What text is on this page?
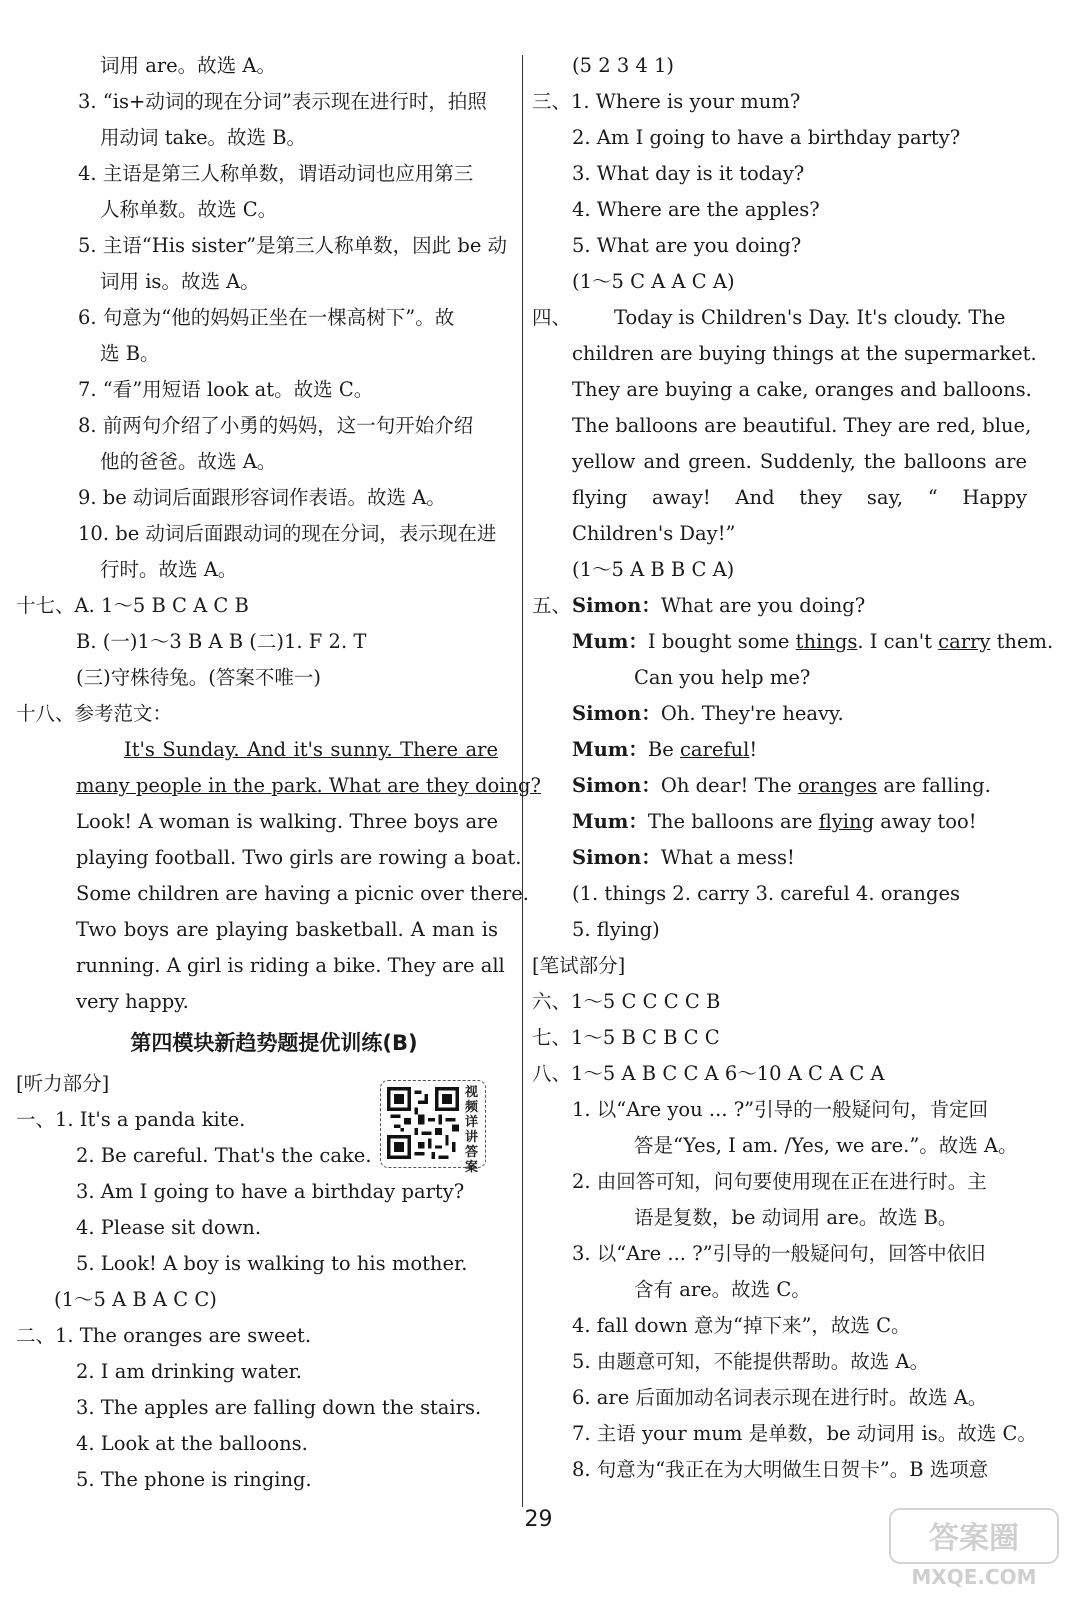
词用 are。故选 A。
3. “is+动词的现在分词”表示现在进行时，拍照
用动词 take。故选 B。
4. 主语是第三人称单数，谓语动词也应用第三
人称单数。故选 C。
5. 主语“His sister”是第三人称单数，因此 be 动
词用 is。故选 A。
6. 句意为“他的妈妈正坐在一棵高树下”。故
选 B。
7. “看”用短语 look at。故选 C。
8. 前两句介绍了小勇的妈妈，这一句开始介绍
他的爸爸。故选 A。
9. be 动词后面跟形容词作表语。故选 A。
10. be 动词后面跟动词的现在分词，表示现在进
行时。故选 A。
十七、A. 1～5 B C A C B
B. (一)1～3 B A B (二)1. F 2. T
(三)守株待兔。(答案不唯一)
十八、参考范文：
It's Sunday. And it's sunny. There are
many people in the park. What are they doing?
Look! A woman is walking. Three boys are
playing football. Two girls are rowing a boat.
Some children are having a picnic over there.
Two boys are playing basketball. A man is
running. A girl is riding a bike. They are all
very happy.
第四模块新趋势题提优训练(B)
[听力部分]
一、1. It's a panda kite.
2. Be careful. That's the cake.
3. Am I going to have a birthday party?
4. Please sit down.
5. Look! A boy is walking to his mother.
(1～5 A B A C C)
二、1. The oranges are sweet.
2. I am drinking water.
3. The apples are falling down the stairs.
4. Look at the balloons.
5. The phone is ringing.
视频详讲答案
(5 2 3 4 1)
三、1. Where is your mum?
2. Am I going to have a birthday party?
3. What day is it today?
4. Where are the apples?
5. What are you doing?
(1～5 C A A C A)
四、 Today is Children's Day. It's cloudy. The
children are buying things at the supermarket.
They are buying a cake, oranges and balloons.
The balloons are beautiful. They are red, blue,
yellow and green. Suddenly, the balloons are
flying away! And they say, “ Happy
Children's Day!”
(1～5 A B B C A)
五、Simon：What are you doing?
Mum：I bought some things. I can't carry them.
Can you help me?
Simon：Oh. They're heavy.
Mum：Be careful!
Simon：Oh dear! The oranges are falling.
Mum：The balloons are flying away too!
Simon：What a mess!
(1. things 2. carry 3. careful 4. oranges
5. flying)
[笔试部分]
六、1～5 C C C C B
七、1～5 B C B C C
八、1～5 A B C C A 6～10 A C A C A
1. 以“Are you ... ?”引导的一般疑问句，肯定回
答是“Yes, I am. /Yes, we are.”。故选 A。
2. 由回答可知，问句要使用现在正在进行时。主
语是复数，be 动词用 are。故选 B。
3. 以“Are ... ?”引导的一般疑问句，回答中依旧
含有 are。故选 C。
4. fall down 意为“掉下来”，故选 C。
5. 由题意可知，不能提供帮助。故选 A。
6. are 后面加动名词表示现在进行时。故选 A。
7. 主语 your mum 是单数，be 动词用 is。故选 C。
8. 句意为“我正在为大明做生日贺卡”。B 选项意
29
答案圈
MXQE.COM
